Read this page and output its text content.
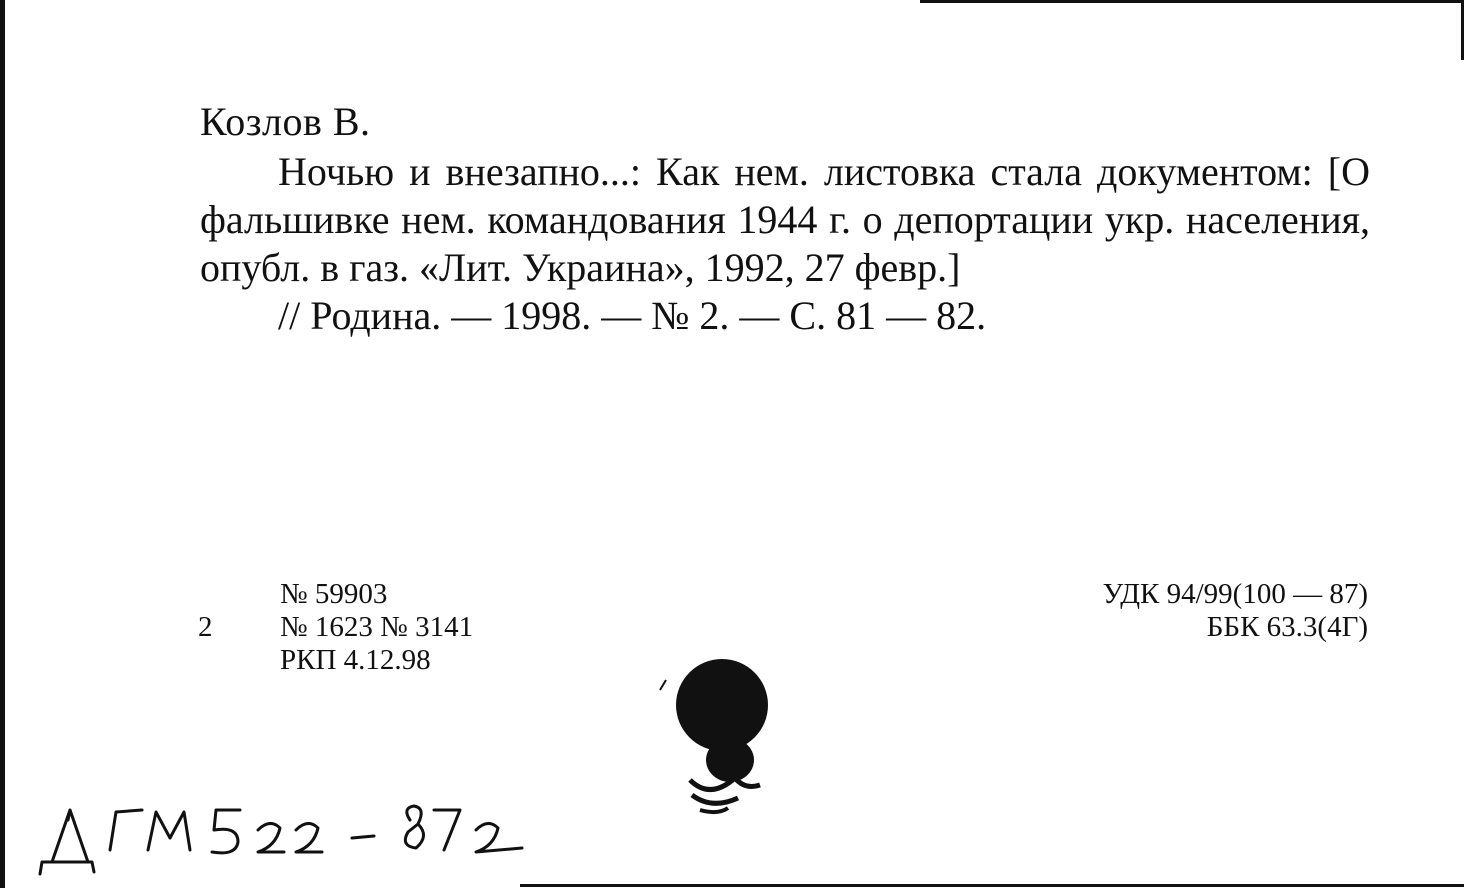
Козлов В.
Ночью и внезапно...: Как нем. листовка стала документом: [О фальшивке нем. командования 1944 г. о депортации укр. населения, опубл. в газ. «Лит. Украина», 1992, 27 февр.]
// Родина. — 1998. — № 2. — С. 81 — 82.
№ 59903
2	№ 1623 № 3141
РКП 4.12.98
УДК 94/99(100 — 87)
ББК 63.3(4Г)
